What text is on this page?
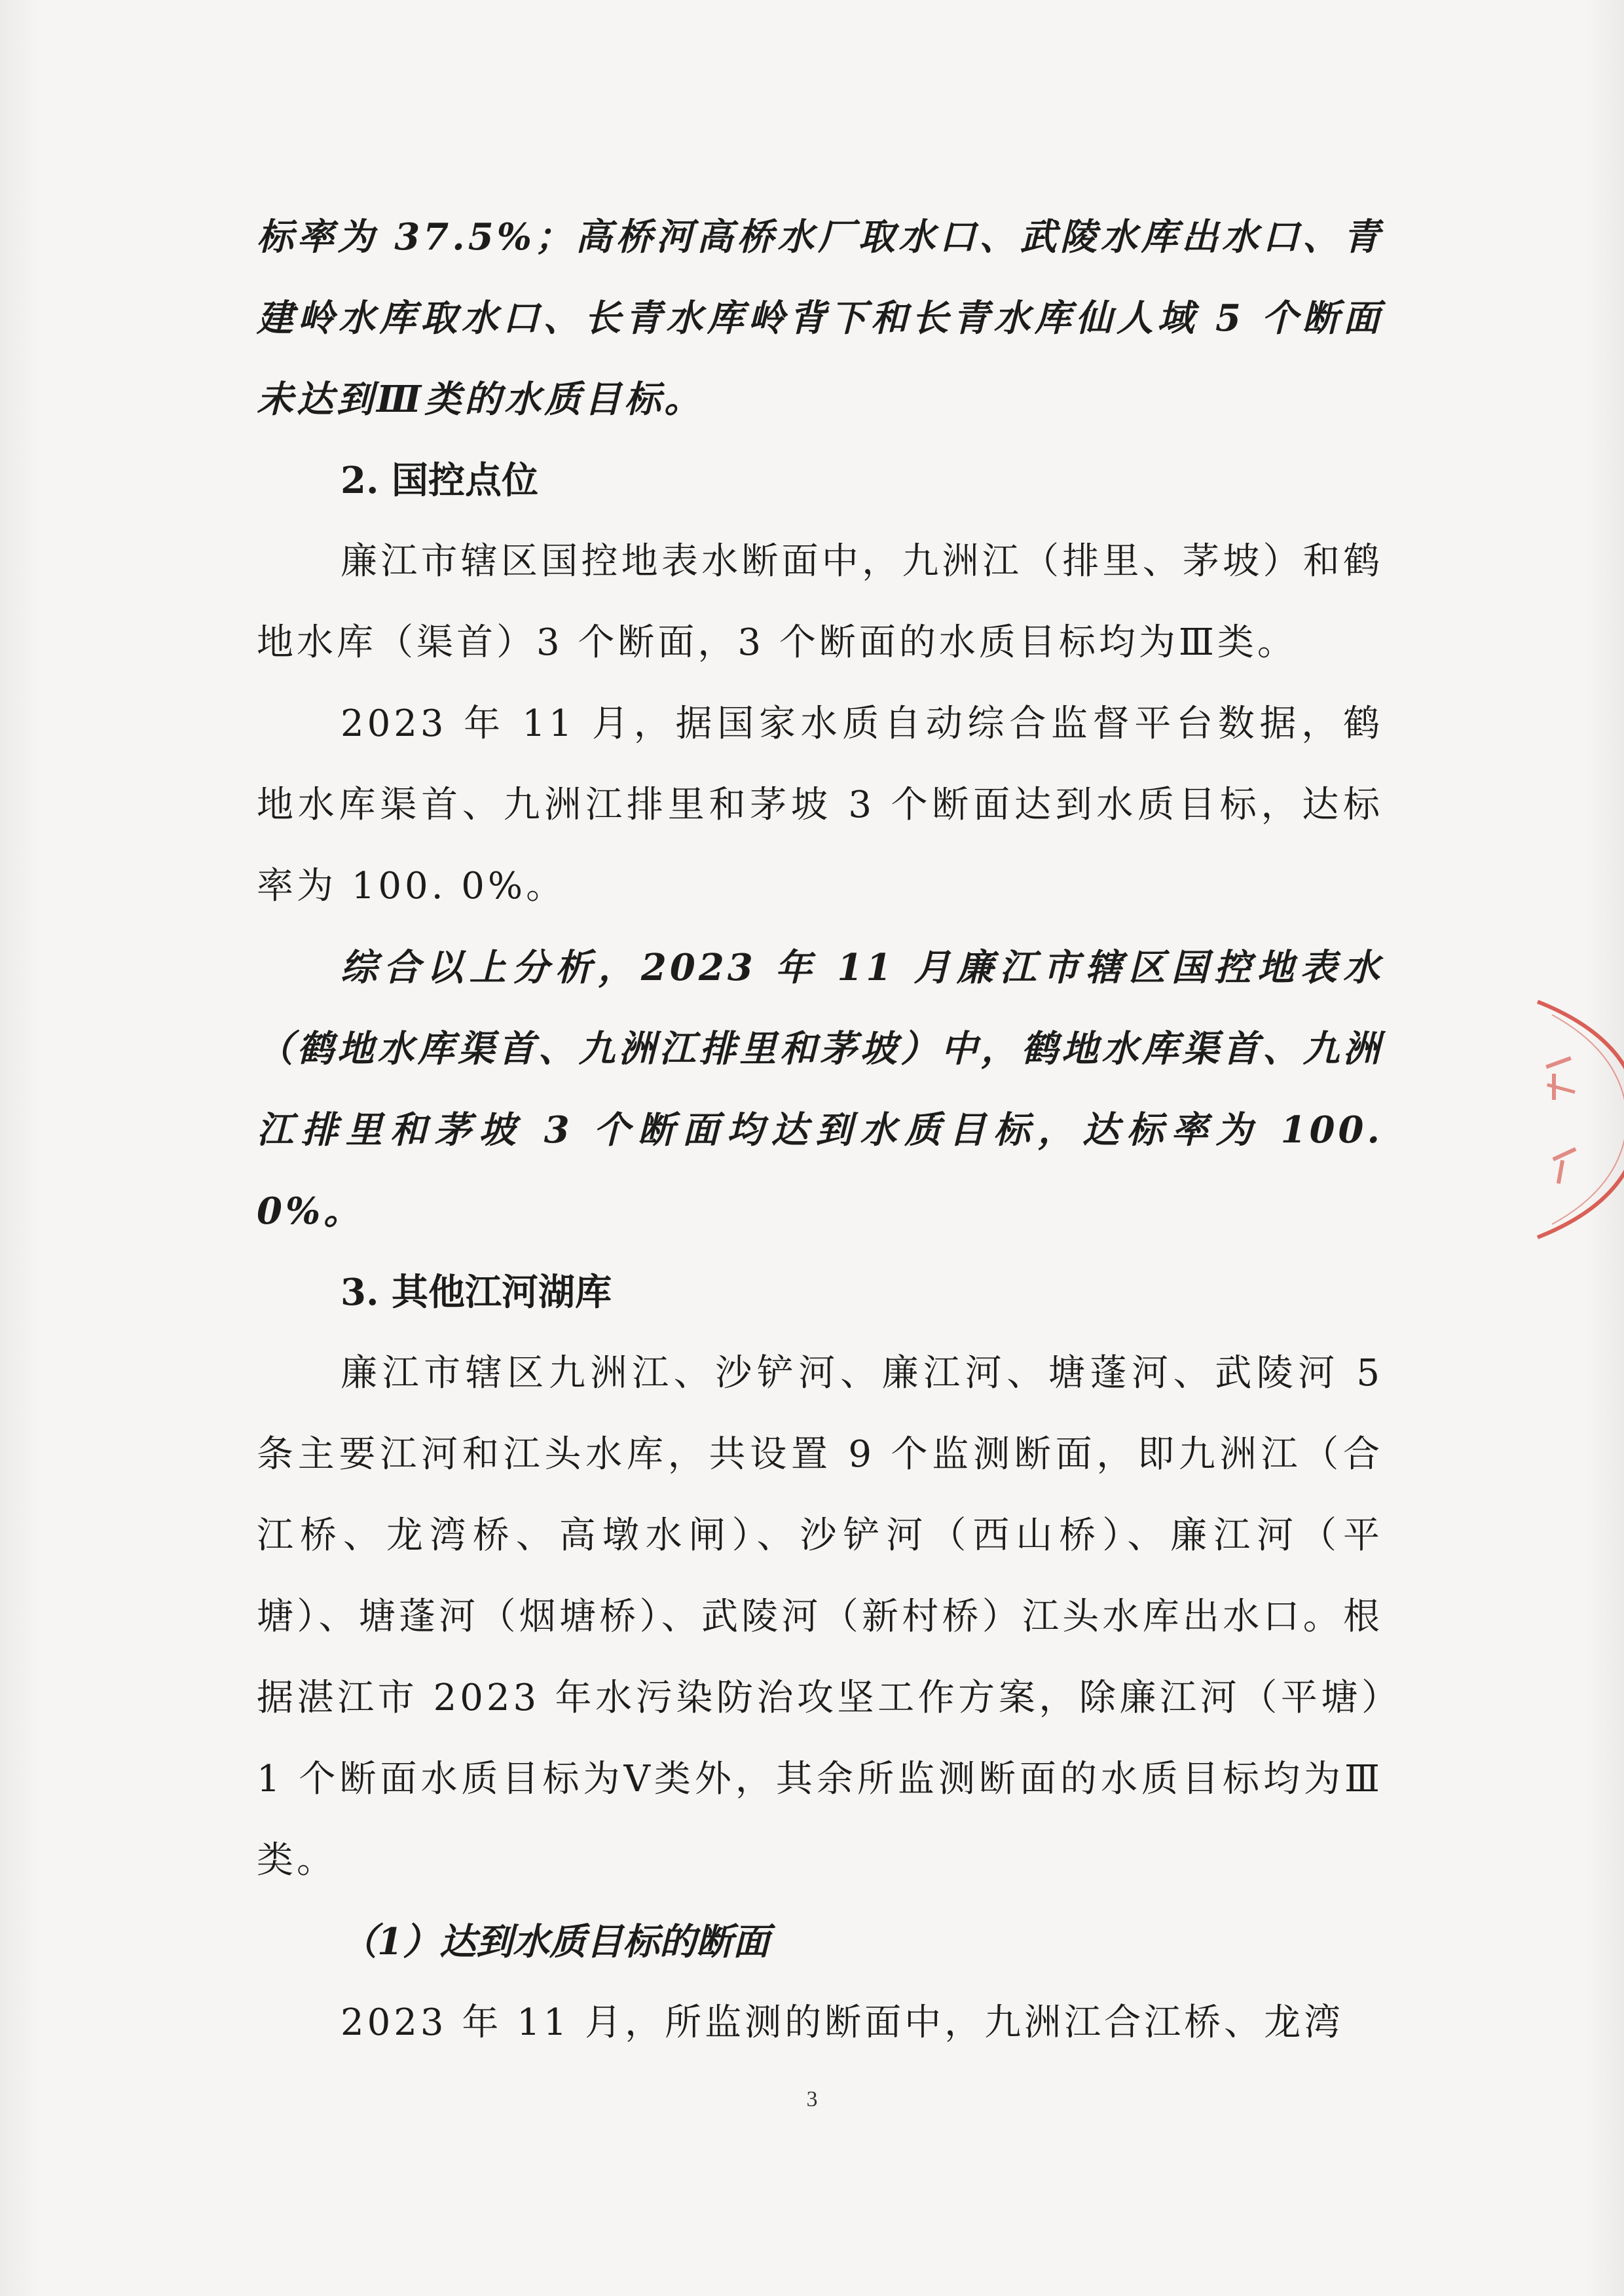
标率为 37.5%；高桥河高桥水厂取水口、武陵水库出水口、青建岭水库取水口、长青水库岭背下和长青水库仙人域 5 个断面未达到Ⅲ类的水质目标。

2. 国控点位

廉江市辖区国控地表水断面中，九洲江（排里、茅坡）和鹤地水库（渠首）3 个断面，3 个断面的水质目标均为Ⅲ类。

2023 年 11 月，据国家水质自动综合监督平台数据，鹤地水库渠首、九洲江排里和茅坡 3 个断面达到水质目标，达标率为 100. 0%。

综合以上分析，2023 年 11 月廉江市辖区国控地表水（鹤地水库渠首、九洲江排里和茅坡）中，鹤地水库渠首、九洲江排里和茅坡 3 个断面均达到水质目标，达标率为 100. 0%。

3. 其他江河湖库

廉江市辖区九洲江、沙铲河、廉江河、塘蓬河、武陵河 5 条主要江河和江头水库，共设置 9 个监测断面，即九洲江（合江桥、龙湾桥、高墩水闸）、沙铲河（西山桥）、廉江河（平塘）、塘蓬河（烟塘桥）、武陵河（新村桥）江头水库出水口。根据湛江市 2023 年水污染防治攻坚工作方案，除廉江河（平塘）1 个断面水质目标为Ⅴ类外，其余所监测断面的水质目标均为Ⅲ类。

（1）达到水质目标的断面

2023 年 11 月，所监测的断面中，九洲江合江桥、龙湾

3
